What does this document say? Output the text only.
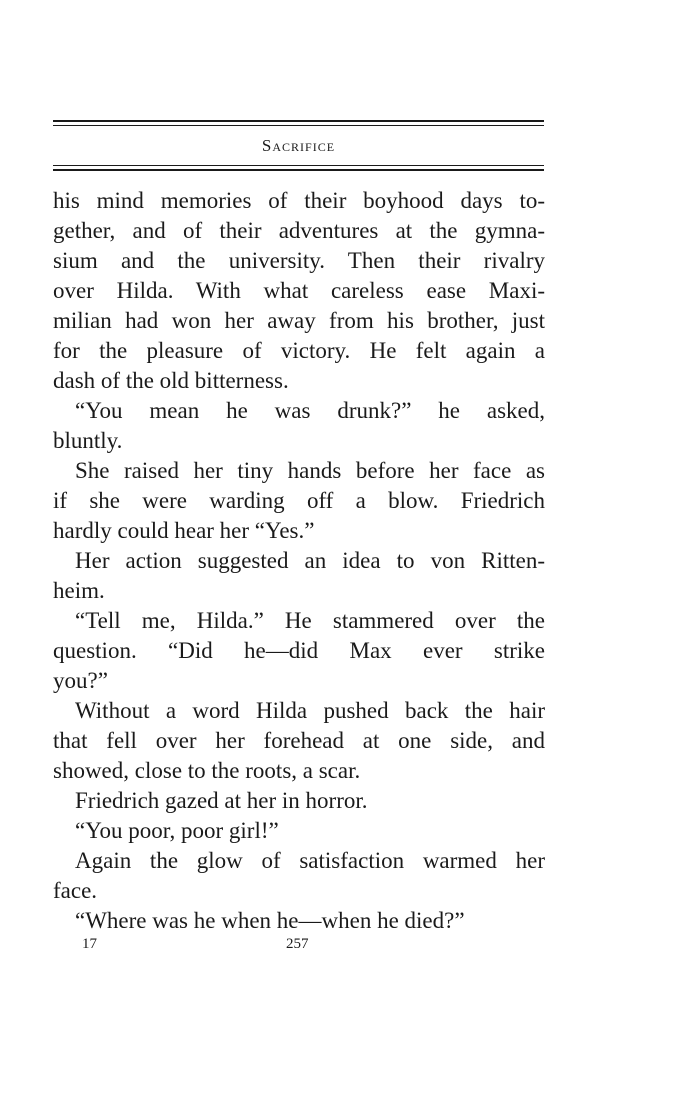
Sacrifice
his mind memories of their boyhood days to-
gether, and of their adventures at the gymna-
sium and the university. Then their rivalry
over Hilda. With what careless ease Maxi-
milian had won her away from his brother, just
for the pleasure of victory. He felt again a
dash of the old bitterness.
“You mean he was drunk?” he asked,
bluntly.
She raised her tiny hands before her face as
if she were warding off a blow. Friedrich
hardly could hear her “Yes.”
Her action suggested an idea to von Ritten-
heim.
“Tell me, Hilda.” He stammered over the
question. “Did he—did Max ever strike
you?”
Without a word Hilda pushed back the hair
that fell over her forehead at one side, and
showed, close to the roots, a scar.
Friedrich gazed at her in horror.
“You poor, poor girl!”
Again the glow of satisfaction warmed her
face.
“Where was he when he—when he died?”
17	257
